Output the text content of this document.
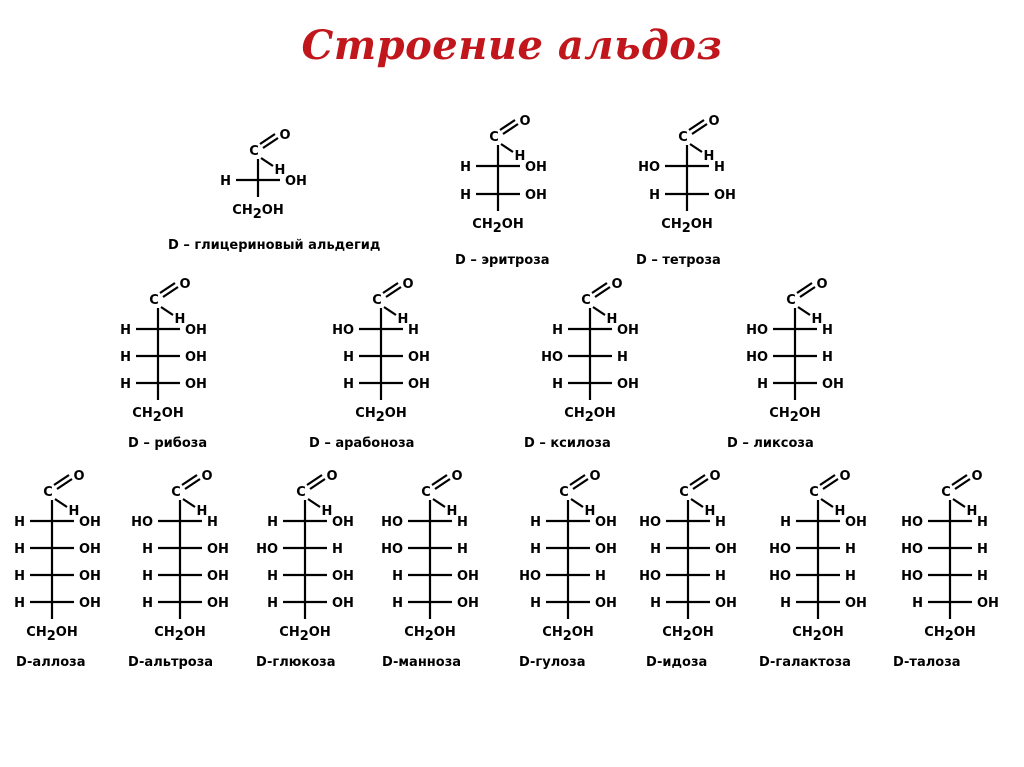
Строение альдоз
C
O
H
H	OH
CH2OH
D – глицериновый альдегид
C
O
H
H	OH
H	OH
CH2OH
D – эритроза
C
O
H
HO	H
H	OH
CH2OH
D – тетроза
C
O
H
H	OH
H	OH
H	OH
CH2OH
D – рибоза
C
O
H
HO	H
H	OH
H	OH
CH2OH
D – арабоноза
C
O
H
H	OH
HO	H
H	OH
CH2OH
D – ксилоза
C
O
H
HO	H
HO	H
H	OH
CH2OH
D – ликсоза
C
O
H
H	OH
H	OH
H	OH
H	OH
CH2OH
D-аллоза
C
O
H
HO	H
H	OH
H	OH
H	OH
CH2OH
D-альтроза
C
O
H
H	OH
HO	H
H	OH
H	OH
CH2OH
D-глюкоза
C
O
H
HO	H
HO	H
H	OH
H	OH
CH2OH
D-манноза
C
O
H
H	OH
H	OH
HO	H
H	OH
CH2OH
D-гулоза
C
O
H
HO	H
H	OH
HO	H
H	OH
CH2OH
D-идоза
C
O
H
H	OH
HO	H
HO	H
H	OH
CH2OH
D-галактоза
C
O
H
HO	H
HO	H
HO	H
H	OH
CH2OH
D-талоза
